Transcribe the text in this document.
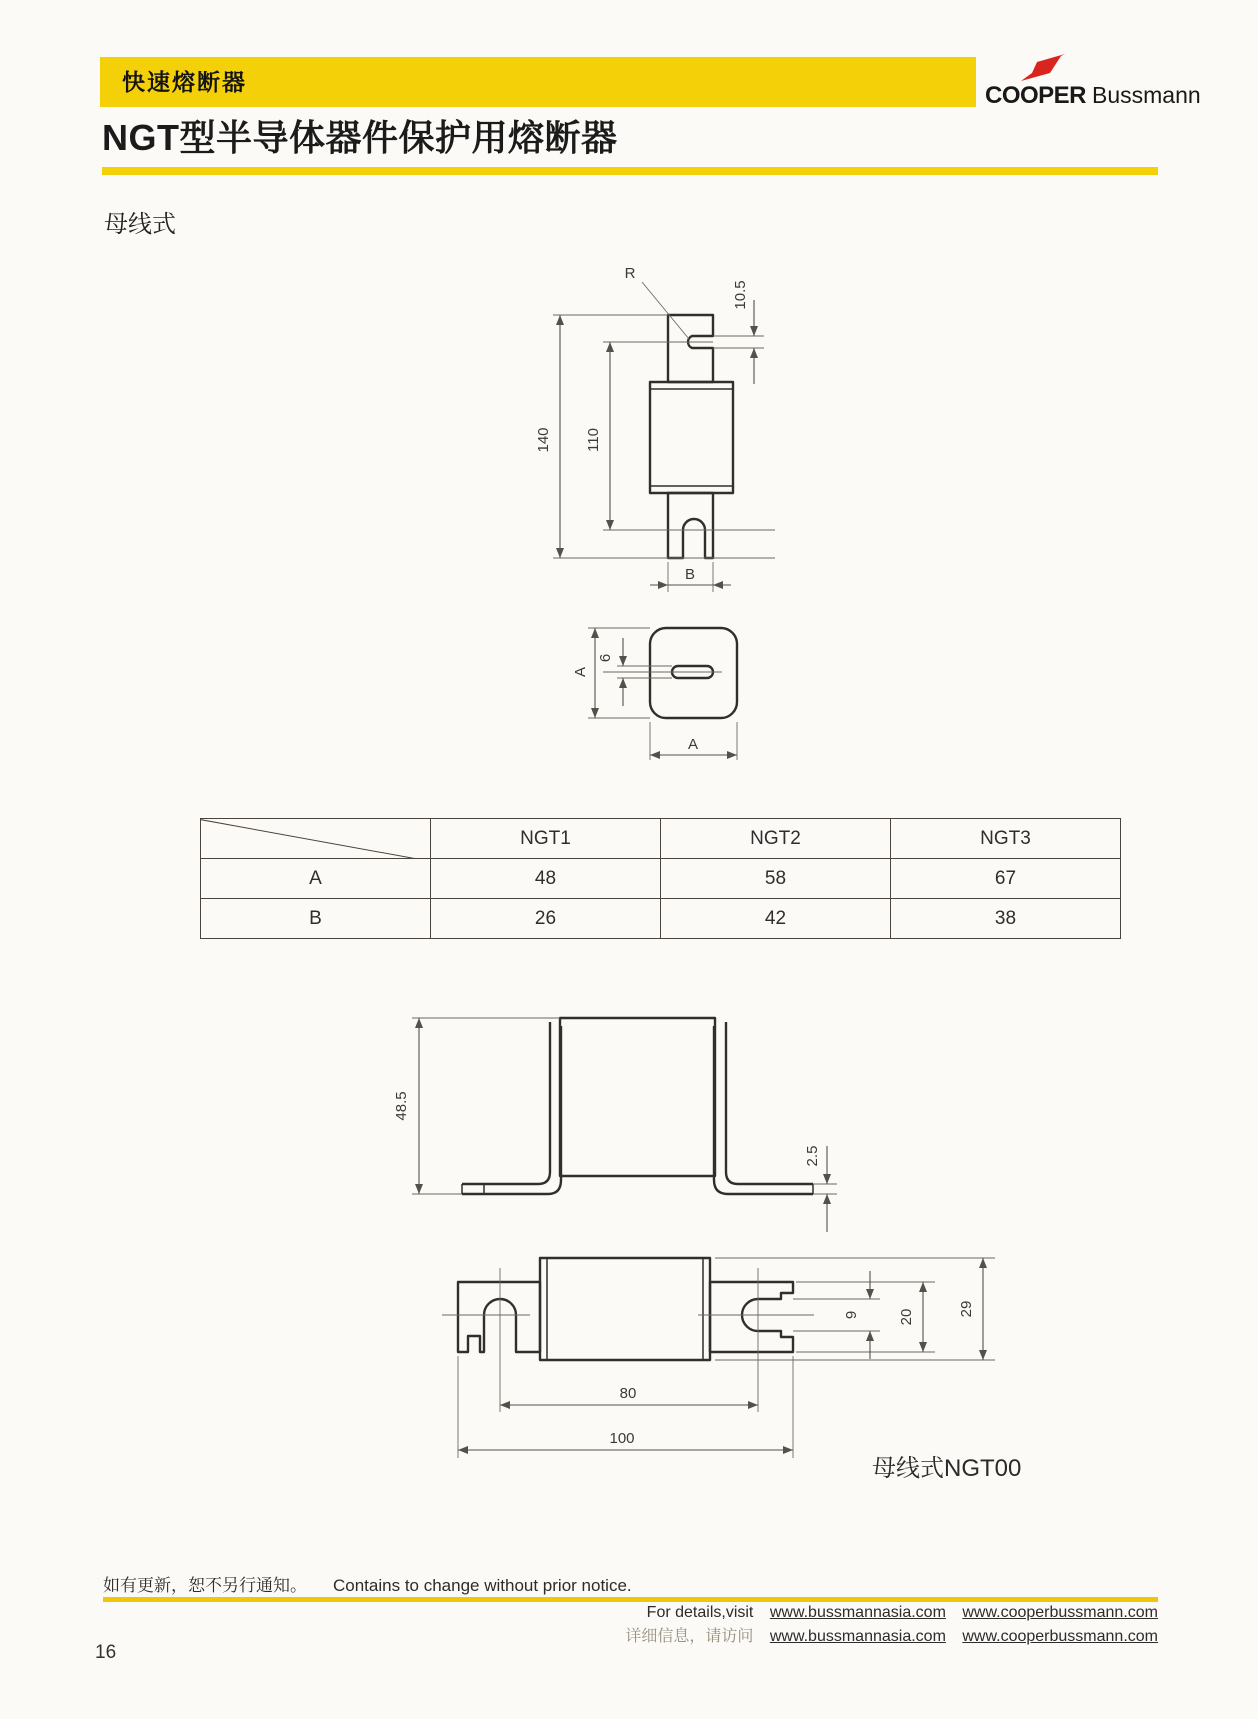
快速熔断器	COOPER Bussmann
NGT型半导体器件保护用熔断器
母线式
140 110
10.5
R
B
A
6
A
	NGT1	NGT2	NGT3
A	48	58	67
B	26	42	38
48.5
2.5
9	20	29
80
100
母线式NGT00
如有更新，恕不另行通知。 Contains to change without prior notice.
For details,visit www.bussmannasia.com www.cooperbussmann.com
详细信息，请访问 www.bussmannasia.com www.cooperbussmann.com
16
